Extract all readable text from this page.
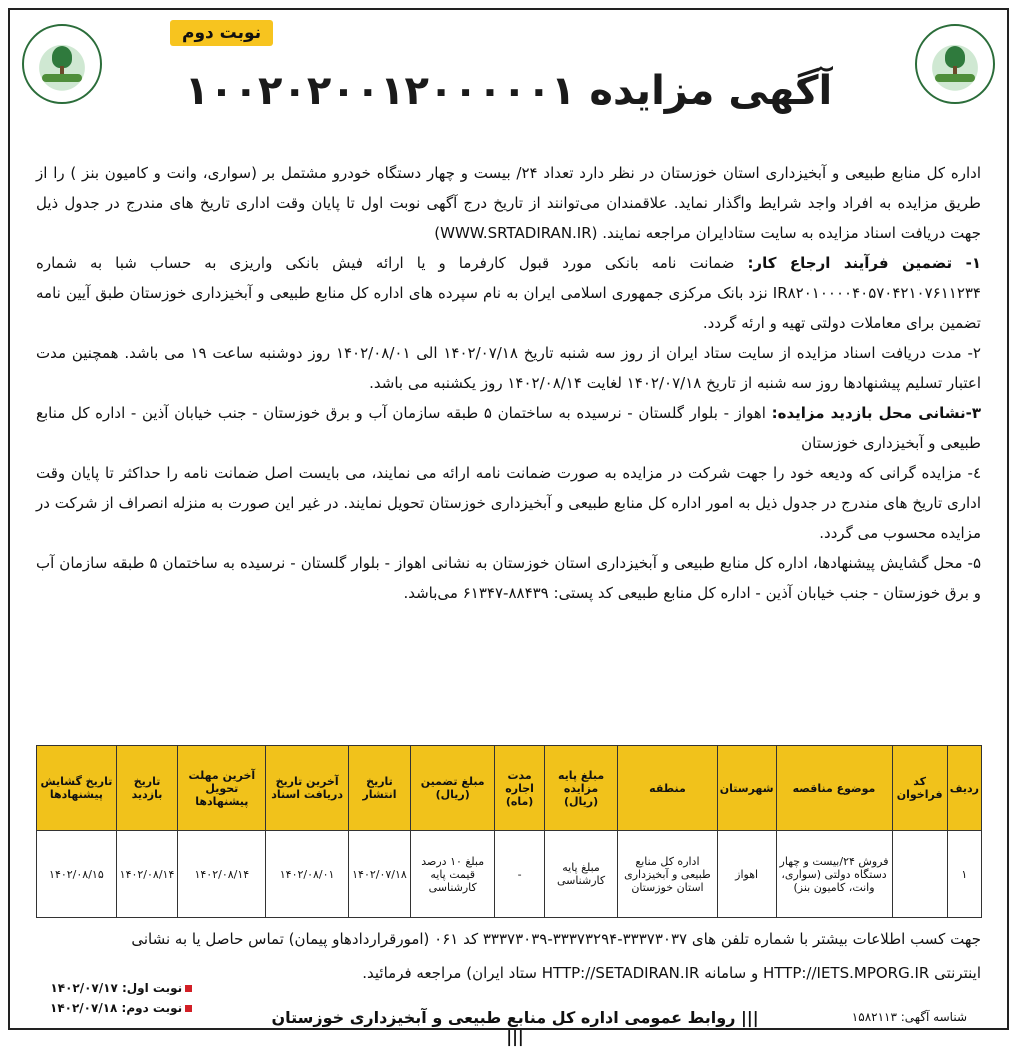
نوبت دوم
آگهی مزایده ۱۰۰۲۰۲۰۰۱۲۰۰۰۰۰۱

اداره کل منابع طبیعی و آبخیزداری استان خوزستان در نظر دارد تعداد ۲۴/ بیست و چهار دستگاه خودرو مشتمل بر (سواری، وانت و کامیون بنز ) را از طریق مزایده به افراد واجد شرایط واگذار نماید. علاقمندان می‌توانند از تاریخ درج آگهی نوبت اول تا پایان وقت اداری تاریخ های مندرج در جدول ذیل جهت دریافت اسناد مزایده به سایت ستادایران مراجعه نمایند. (WWW.SRTADIRAN.IR)

۱- تضمین فرآیند ارجاع کار: ضمانت نامه بانکی مورد قبول کارفرما و یا ارائه فیش بانکی واریزی به حساب شبا به شماره IR۸۲۰۱۰۰۰۰۴۰۵۷۰۴۲۱۰۷۶۱۱۲۳۴ نزد بانک مرکزی جمهوری اسلامی ایران به نام سپرده های اداره کل منابع طبیعی و آبخیزداری خوزستان طبق آیین نامه تضمین برای معاملات دولتی تهیه و ارئه گردد.

۲- مدت دریافت اسناد مزایده از سایت ستاد ایران از روز سه شنبه تاریخ ۱۴۰۲/۰۷/۱۸ الی ۱۴۰۲/۰۸/۰۱ روز دوشنبه ساعت ۱۹ می باشد. همچنین مدت اعتبار تسلیم پیشنهادها روز سه شنبه از تاریخ ۱۴۰۲/۰۷/۱۸ لغایت ۱۴۰۲/۰۸/۱۴ روز یکشنبه می باشد.

۳-نشانی محل بازدید مزایده: اهواز - بلوار گلستان - نرسیده به ساختمان ۵ طبقه سازمان آب و برق خوزستان - جنب خیابان آذین - اداره کل منابع طبیعی و آبخیزداری خوزستان

٤- مزایده گرانی که ودیعه خود را جهت شرکت در مزایده به صورت ضمانت نامه ارائه می نمایند، می بایست اصل ضمانت نامه را حداکثر تا پایان وقت اداری تاریخ های مندرج در جدول ذیل به امور اداره کل منابع طبیعی و آبخیزداری خوزستان تحویل نمایند. در غیر این صورت به منزله انصراف از شرکت در مزایده محسوب می گردد.

۵- محل گشایش پیشنهادها، اداره کل منابع طبیعی و آبخیزداری استان خوزستان به نشانی اهواز - بلوار گلستان - نرسیده به ساختمان ۵ طبقه سازمان آب و برق خوزستان - جنب خیابان آذین - اداره کل منابع طبیعی کد پستی: ۸۸۴۳۹-۶۱۳۴۷ می‌باشد.

ردیف	کد فراخوان	موضوع مناقصه	شهرستان	منطقه	مبلغ پایه مزایده (ریال)	مدت اجاره (ماه)	مبلغ تضمین (ریال)	تاریخ انتشار	آخرین تاریخ دریافت اسناد	آخرین مهلت تحویل پیشنهادها	تاریخ بازدید	تاریخ گشایش پیشنهادها
۱		فروش ۲۴/بیست و چهار دستگاه دولتی (سواری، وانت، کامیون بنز)	اهواز	اداره کل منابع طبیعی و آبخیزداری استان خوزستان	مبلغ پایه کارشناسی	-	مبلغ ۱۰ درصد قیمت پایه کارشناسی	۱۴۰۲/۰۷/۱۸	۱۴۰۲/۰۸/۰۱	۱۴۰۲/۰۸/۱۴	۱۴۰۲/۰۸/۱۴	۱۴۰۲/۰۸/۱۵
جهت کسب اطلاعات بیشتر با شماره تلفن های ۳۳۳۷۳۰۳۷-۳۳۳۷۳۲۹۴-۳۳۳۷۳۰۳۹ کد ۰۶۱ (امورقراردادهاو پیمان) تماس حاصل یا به نشانی
اینترنتی HTTP://IETS.MPORG.IR و سامانه HTTP://SETADIRAN.IR ستاد ایران) مراجعه فرمائید.
نوبت اول: ۱۴۰۲/۰۷/۱۷
نوبت دوم: ۱۴۰۲/۰۷/۱۸	||| روابط عمومی اداره کل منابع طبیعی و آبخیزداری خوزستان |||
شناسه آگهی: ۱۵۸۲۱۱۳
